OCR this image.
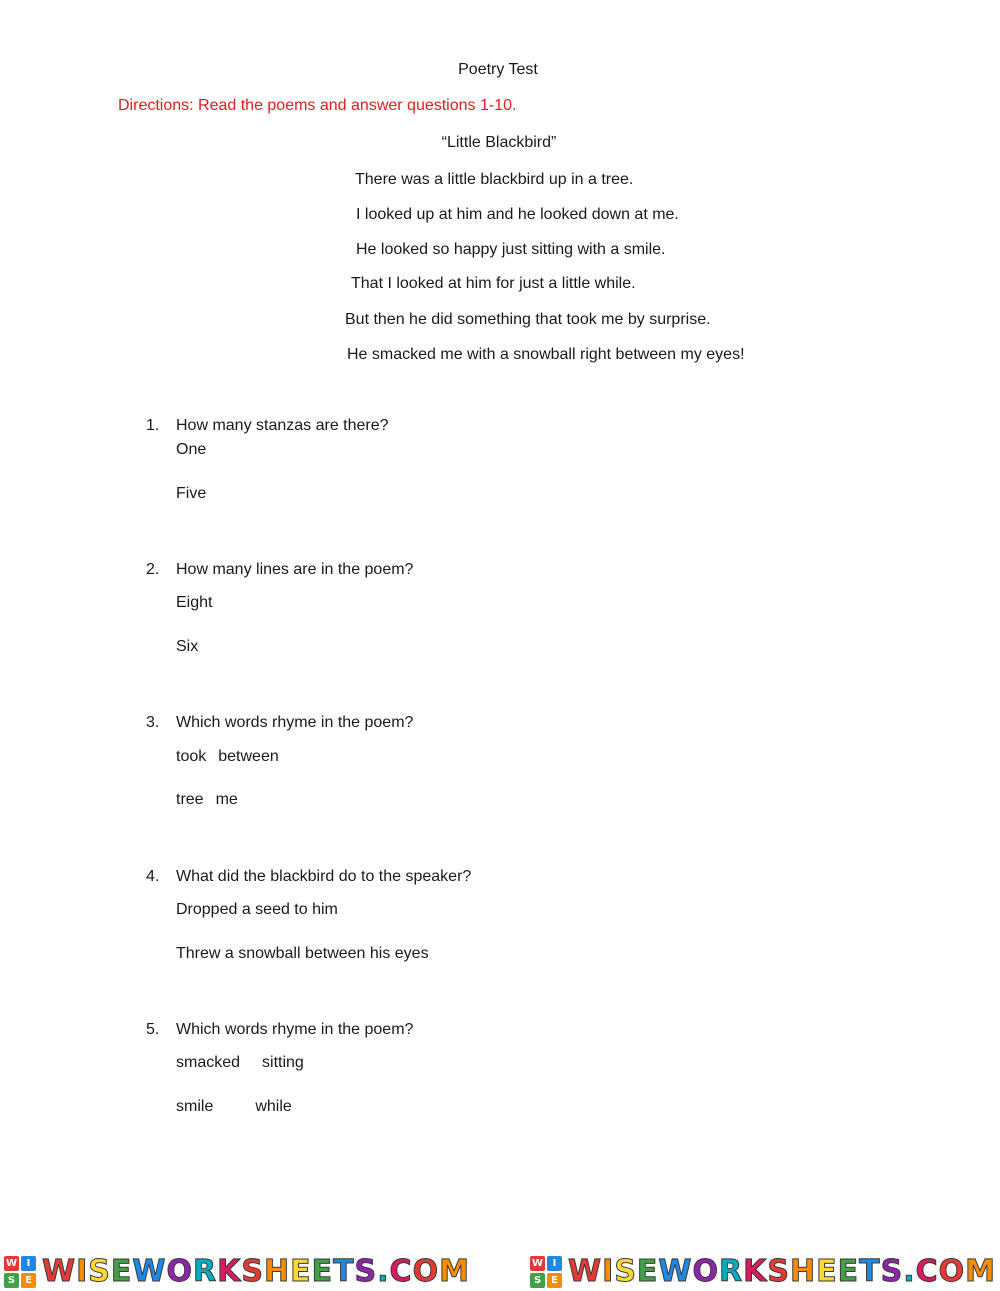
Poetry Test
Directions: Read the poems and answer questions 1-10.
“Little Blackbird”
There was a little blackbird up in a tree.
I looked up at him and he looked down at me.
He looked so happy just sitting with a smile.
That I looked at him for just a little while.
But then he did something that took me by surprise.
He smacked me with a snowball right between my eyes!
1. How many stanzas are there?
One
Five
2. How many lines are in the poem?
Eight
Six
3. Which words rhyme in the poem?
took between
tree me
4. What did the blackbird do to the speaker?
Dropped a seed to him
Threw a snowball between his eyes
5. Which words rhyme in the poem?
smacked sitting
smile	while
W I
S E WISEWORKSHEETS.COM	W I
S E WISEWORKSHEETS.COM
